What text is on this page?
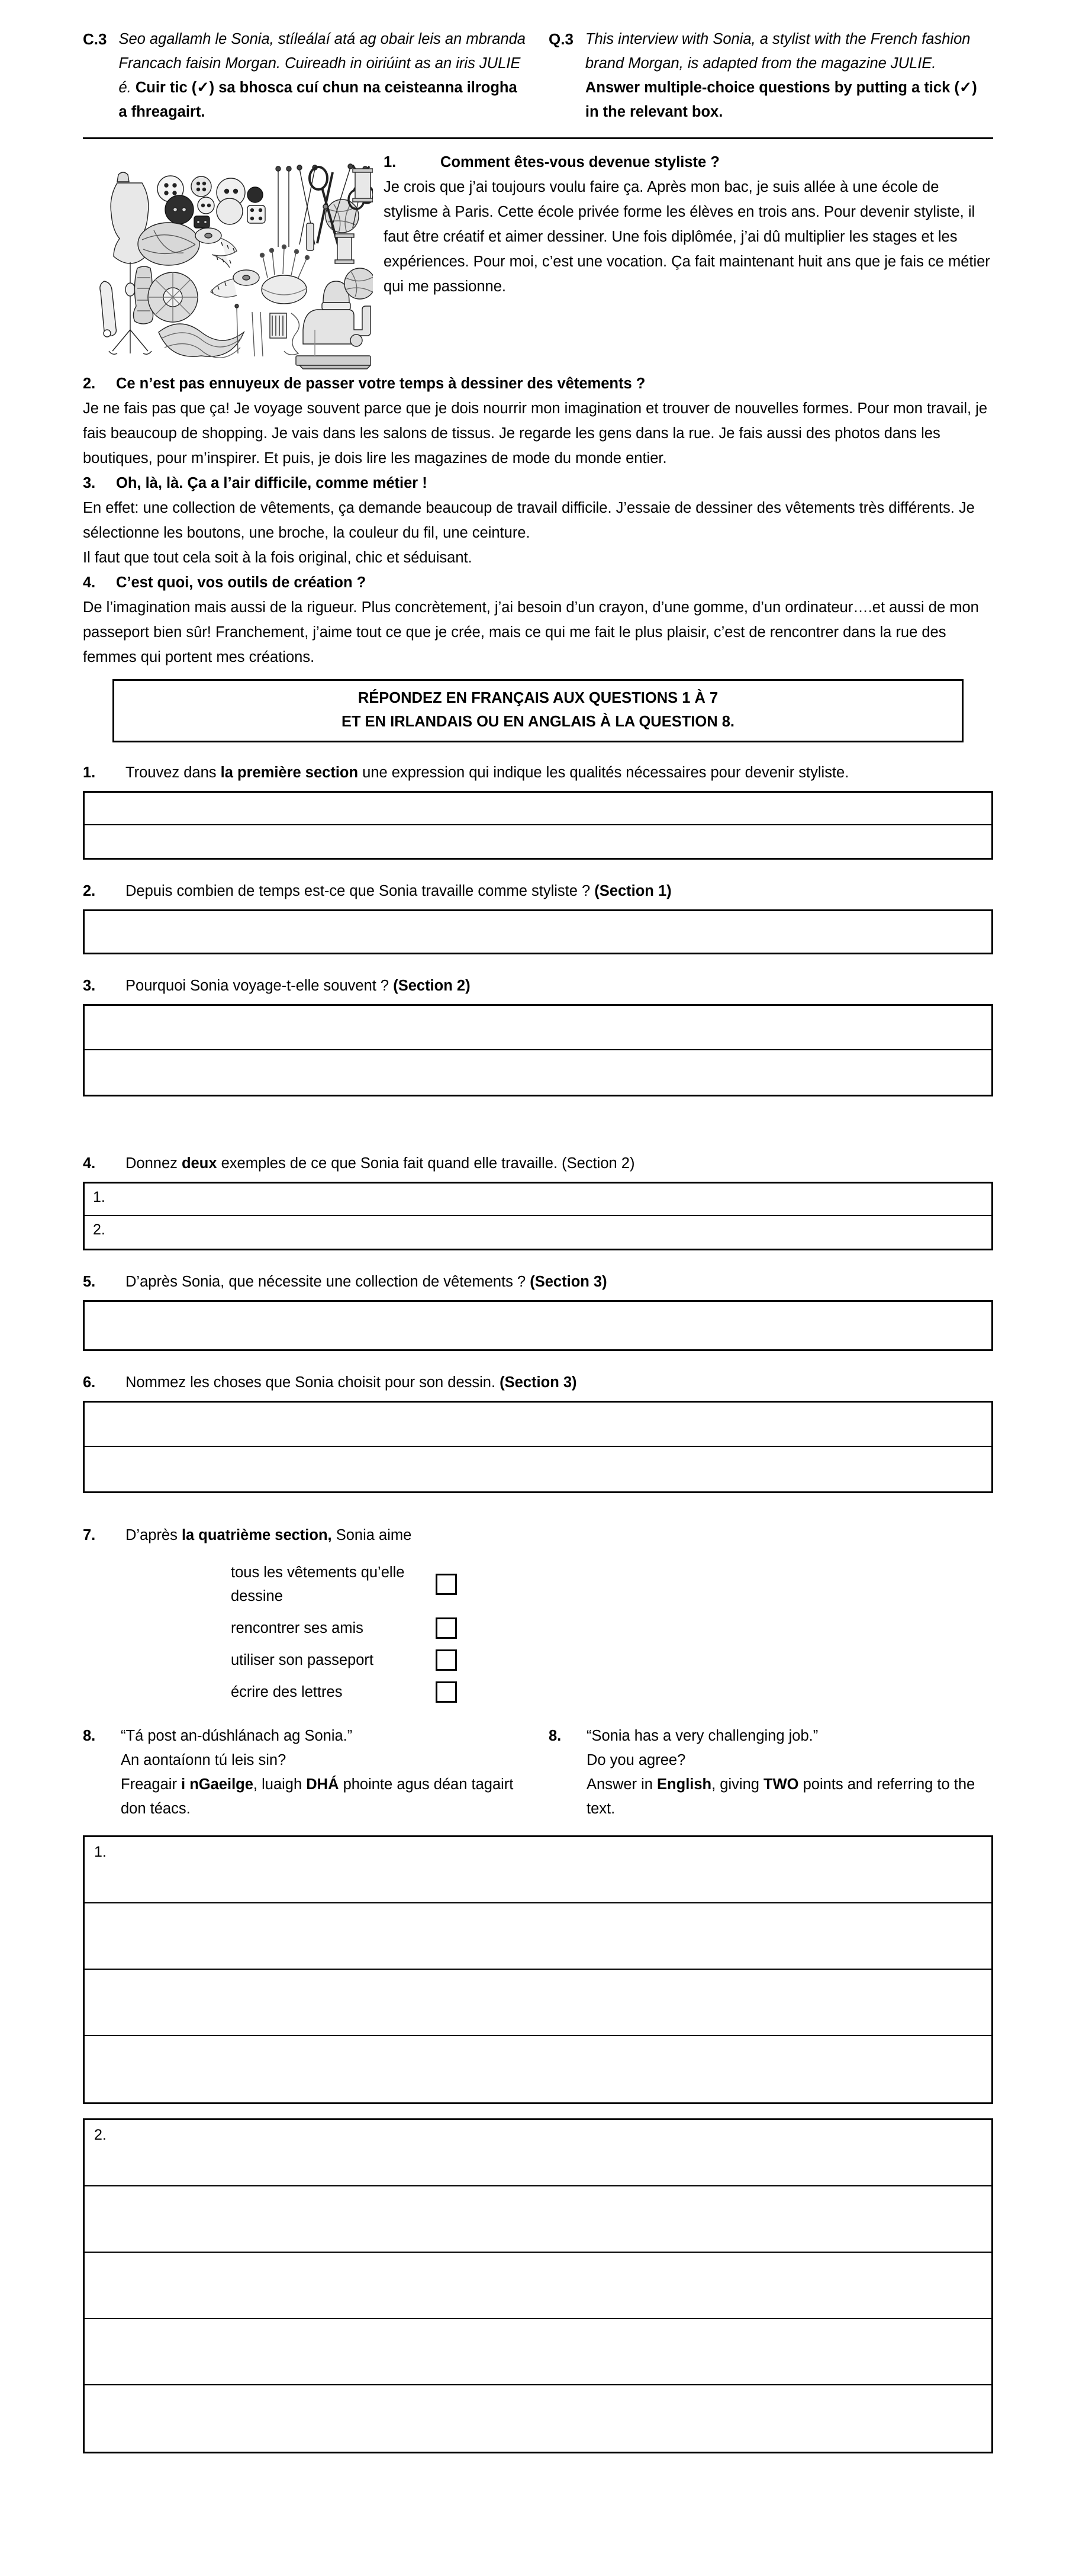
C.3 Seo agallamh le Sonia, stíleálaí atá ag obair leis an mbranda Francach faisin Morgan. Cuireadh in oiriúint as an iris JULIE é. Cuir tic (✓) sa bhosca cuí chun na ceisteanna ilrogha a fhreagairt.
Q.3 This interview with Sonia, a stylist with the French fashion brand Morgan, is adapted from the magazine JULIE. Answer multiple-choice questions by putting a tick (✓) in the relevant box.
1.	Comment êtes-vous devenue styliste ?
Je crois que j’ai toujours voulu faire ça. Après mon bac, je suis allée à une école de stylisme à Paris. Cette école privée forme les élèves en trois ans. Pour devenir styliste, il faut être créatif et aimer dessiner. Une fois diplômée, j’ai dû multiplier les stages et les expériences. Pour moi, c’est une vocation. Ça fait maintenant huit ans que je fais ce métier qui me passionne.
2.	Ce n’est pas ennuyeux de passer votre temps à dessiner des vêtements ?
Je ne fais pas que ça! Je voyage souvent parce que je dois nourrir mon imagination et trouver de nouvelles formes. Pour mon travail, je fais beaucoup de shopping. Je vais dans les salons de tissus. Je regarde les gens dans la rue. Je fais aussi des photos dans les boutiques, pour m’inspirer. Et puis, je dois lire les magazines de mode du monde entier.
3.	Oh, là, là. Ça a l’air difficile, comme métier !
En effet: une collection de vêtements, ça demande beaucoup de travail difficile. J’essaie de dessiner des vêtements très différents. Je sélectionne les boutons, une broche, la couleur du fil, une ceinture.
Il faut que tout cela soit à la fois original, chic et séduisant.
4.	C’est quoi, vos outils de création ?
De l’imagination mais aussi de la rigueur. Plus concrètement, j’ai besoin d’un crayon, d’une gomme, d’un ordinateur….et aussi de mon passeport bien sûr! Franchement, j’aime tout ce que je crée, mais ce qui me fait le plus plaisir, c’est de rencontrer dans la rue des femmes qui portent mes créations.
RÉPONDEZ EN FRANÇAIS AUX QUESTIONS 1 À 7
ET EN IRLANDAIS OU EN ANGLAIS À LA QUESTION 8.
1.	Trouvez dans la première section une expression qui indique les qualités nécessaires pour devenir styliste.
2.	Depuis combien de temps est-ce que Sonia travaille comme styliste ? (Section 1)
3.	Pourquoi Sonia voyage-t-elle souvent ? (Section 2)
4.	Donnez deux exemples de ce que Sonia fait quand elle travaille. (Section 2)
1.
2.
5.	D’après Sonia, que nécessite une collection de vêtements ? (Section 3)
6.	Nommez les choses que Sonia choisit pour son dessin. (Section 3)
7.	D’après la quatrième section, Sonia aime
tous les vêtements qu’elle dessine
rencontrer ses amis
utiliser son passeport
écrire des lettres
8.	“Tá post an-dúshlánach ag Sonia.”
An aontaíonn tú leis sin?
Freagair i nGaeilge, luaigh DHÁ phointe agus déan tagairt don téacs.
8.	“Sonia has a very challenging job.”
Do you agree?
Answer in English, giving TWO points and referring to the text.
1.
2.
